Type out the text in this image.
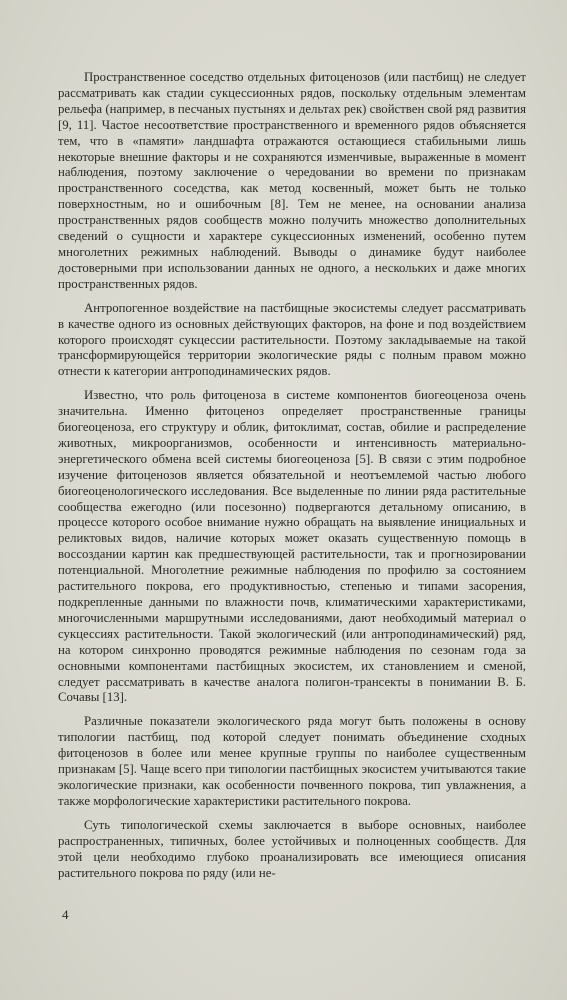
Пространственное соседство отдельных фитоценозов (или пастбищ) не следует рассматривать как стадии сукцессионных рядов, поскольку отдельным элементам рельефа (например, в песчаных пустынях и дельтах рек) свойствен свой ряд развития [9, 11]. Частое несоответствие пространственного и временного рядов объясняется тем, что в «памяти» ландшафта отражаются остающиеся стабильными лишь некоторые внешние факторы и не сохраняются изменчивые, выраженные в момент наблюдения, поэтому заключение о чередовании во времени по признакам пространственного соседства, как метод косвенный, может быть не только поверхностным, но и ошибочным [8]. Тем не менее, на основании анализа пространственных рядов сообществ можно получить множество дополнительных сведений о сущности и характере сукцессионных изменений, особенно путем многолетних режимных наблюдений. Выводы о динамике будут наиболее достоверными при использовании данных не одного, а нескольких и даже многих пространственных рядов.

Антропогенное воздействие на пастбищные экосистемы следует рассматривать в качестве одного из основных действующих факторов, на фоне и под воздействием которого происходят сукцессии растительности. Поэтому закладываемые на такой трансформирующейся территории экологические ряды с полным правом можно отнести к категории антроподинамических рядов.

Известно, что роль фитоценоза в системе компонентов биогеоценоза очень значительна. Именно фитоценоз определяет пространственные границы биогеоценоза, его структуру и облик, фитоклимат, состав, обилие и распределение животных, микроорганизмов, особенности и интенсивность материально-энергетического обмена всей системы биогеоценоза [5]. В связи с этим подробное изучение фитоценозов является обязательной и неотъемлемой частью любого биогеоценологического исследования. Все выделенные по линии ряда растительные сообщества ежегодно (или посезонно) подвергаются детальному описанию, в процессе которого особое внимание нужно обращать на выявление инициальных и реликтовых видов, наличие которых может оказать существенную помощь в воссоздании картин как предшествующей растительности, так и прогнозировании потенциальной. Многолетние режимные наблюдения по профилю за состоянием растительного покрова, его продуктивностью, степенью и типами засорения, подкрепленные данными по влажности почв, климатическими характеристиками, многочисленными маршрутными исследованиями, дают необходимый материал о сукцессиях растительности. Такой экологический (или антроподинамический) ряд, на котором синхронно проводятся режимные наблюдения по сезонам года за основными компонентами пастбищных экосистем, их становлением и сменой, следует рассматривать в качестве аналога полигон-трансекты в понимании В. Б. Сочавы [13].

Различные показатели экологического ряда могут быть положены в основу типологии пастбищ, под которой следует понимать объединение сходных фитоценозов в более или менее крупные группы по наиболее существенным признакам [5]. Чаще всего при типологии пастбищных экосистем учитываются такие экологические признаки, как особенности почвенного покрова, тип увлажнения, а также морфологические характеристики растительного покрова.

Суть типологической схемы заключается в выборе основных, наиболее распространенных, типичных, более устойчивых и полноценных сообществ. Для этой цели необходимо глубоко проанализировать все имеющиеся описания растительного покрова по ряду (или не-

4
